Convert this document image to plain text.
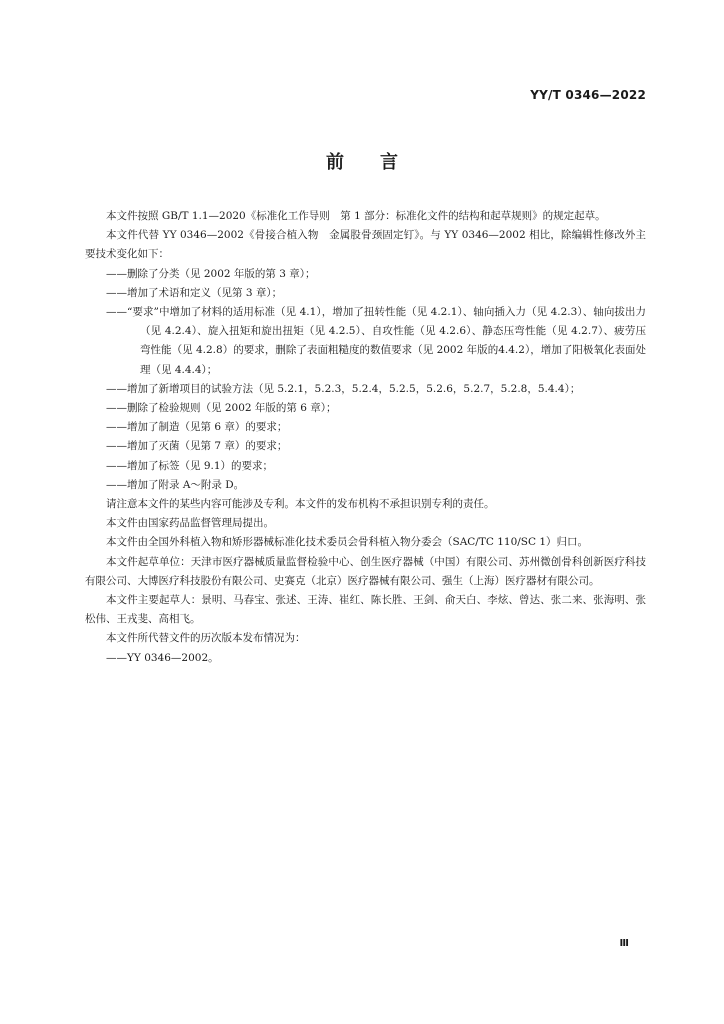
YY/T 0346—2022
前言

本文件按照 GB/T 1.1—2020《标准化工作导则　第 1 部分：标准化文件的结构和起草规则》的规定起草。

本文件代替 YY 0346—2002《骨接合植入物　金属股骨颈固定钉》。与 YY 0346—2002 相比，除编辑性修改外主要技术变化如下：

——删除了分类（见 2002 年版的第 3 章）；

——增加了术语和定义（见第 3 章）；

——“要求”中增加了材料的适用标准（见 4.1），增加了扭转性能（见 4.2.1）、轴向插入力（见 4.2.3）、轴向拔出力（见 4.2.4）、旋入扭矩和旋出扭矩（见 4.2.5）、自攻性能（见 4.2.6）、静态压弯性能（见 4.2.7）、疲劳压弯性能（见 4.2.8）的要求，删除了表面粗糙度的数值要求（见 2002 年版的4.4.2），增加了阳极氧化表面处理（见 4.4.4）；

——增加了新增项目的试验方法（见 5.2.1，5.2.3，5.2.4，5.2.5，5.2.6，5.2.7，5.2.8，5.4.4）；

——删除了检验规则（见 2002 年版的第 6 章）；

——增加了制造（见第 6 章）的要求；

——增加了灭菌（见第 7 章）的要求；

——增加了标签（见 9.1）的要求；

——增加了附录 A～附录 D。

请注意本文件的某些内容可能涉及专利。本文件的发布机构不承担识别专利的责任。

本文件由国家药品监督管理局提出。

本文件由全国外科植入物和矫形器械标准化技术委员会骨科植入物分委会（SAC/TC 110/SC 1）归口。

本文件起草单位：天津市医疗器械质量监督检验中心、创生医疗器械（中国）有限公司、苏州微创骨科创新医疗科技有限公司、大博医疗科技股份有限公司、史赛克（北京）医疗器械有限公司、强生（上海）医疗器材有限公司。

本文件主要起草人：景明、马春宝、张述、王涛、崔红、陈长胜、王剑、俞天白、李炫、曾达、张二来、张海明、张松伟、王戎斐、高相飞。

本文件所代替文件的历次版本发布情况为：

——YY 0346—2002。

Ⅲ
